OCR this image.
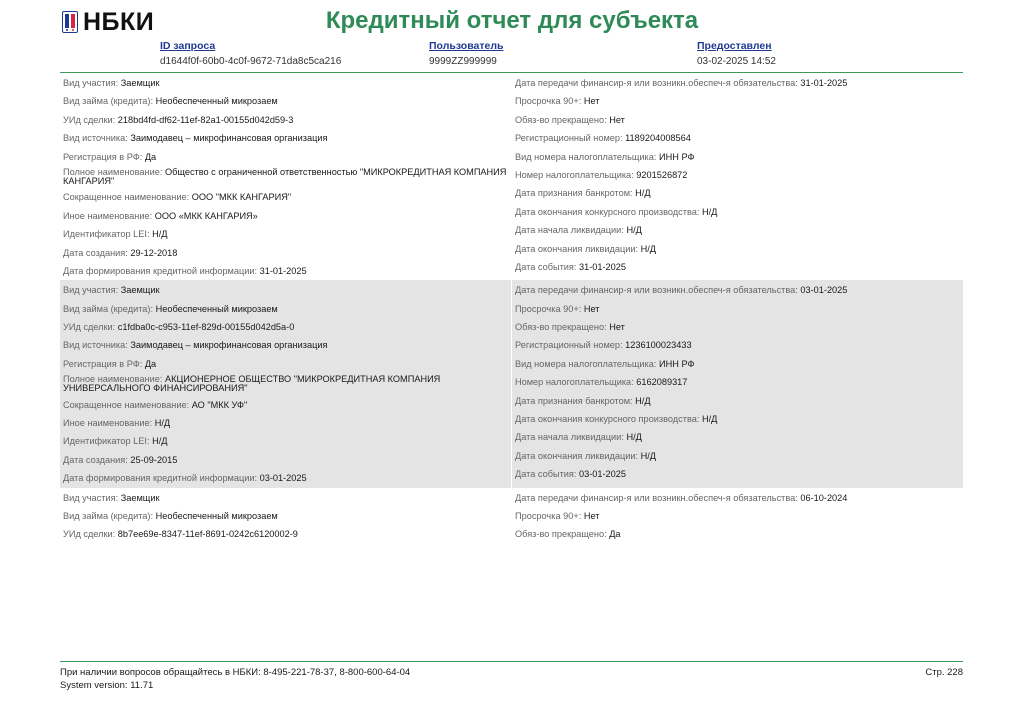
НБКИ	Кредитный отчет для субъекта
ID запроса
d1644f0f-60b0-4c0f-9672-71da8c5ca216
Пользователь
9999ZZ999999
Предоставлен
03-02-2025 14:52
Вид участия: Заемщик
Вид займа (кредита): Необеспеченный микрозаем
УИд сделки: 218bd4fd-df62-11ef-82a1-00155d042d59-3
Вид источника: Заимодавец – микрофинансовая организация
Регистрация в РФ: Да
Полное наименование: Общество с ограниченной ответственностью "МИКРОКРЕДИТНАЯ КОМПАНИЯ КАНГАРИЯ"
Сокращенное наименование: ООО "МКК КАНГАРИЯ"
Иное наименование: ООО «МКК КАНГАРИЯ»
Идентификатор LEI: Н/Д
Дата создания: 29-12-2018
Дата формирования кредитной информации: 31-01-2025
Дата передачи финансир-я или возникн.обеспеч-я обязательства: 31-01-2025
Просрочка 90+: Нет
Обяз-во прекращено: Нет
Регистрационный номер: 1189204008564
Вид номера налогоплательщика: ИНН РФ
Номер налогоплательщика: 9201526872
Дата признания банкротом: Н/Д
Дата окончания конкурсного производства: Н/Д
Дата начала ликвидации: Н/Д
Дата окончания ликвидации: Н/Д
Дата события: 31-01-2025
Вид участия: Заемщик
Вид займа (кредита): Необеспеченный микрозаем
УИд сделки: c1fdba0c-c953-11ef-829d-00155d042d5a-0
Вид источника: Заимодавец – микрофинансовая организация
Регистрация в РФ: Да
Полное наименование: АКЦИОНЕРНОЕ ОБЩЕСТВО "МИКРОКРЕДИТНАЯ КОМПАНИЯ УНИВЕРСАЛЬНОГО ФИНАНСИРОВАНИЯ"
Сокращенное наименование: АО "МКК УФ"
Иное наименование: Н/Д
Идентификатор LEI: Н/Д
Дата создания: 25-09-2015
Дата формирования кредитной информации: 03-01-2025
Дата передачи финансир-я или возникн.обеспеч-я обязательства: 03-01-2025
Просрочка 90+: Нет
Обяз-во прекращено: Нет
Регистрационный номер: 1236100023433
Вид номера налогоплательщика: ИНН РФ
Номер налогоплательщика: 6162089317
Дата признания банкротом: Н/Д
Дата окончания конкурсного производства: Н/Д
Дата начала ликвидации: Н/Д
Дата окончания ликвидации: Н/Д
Дата события: 03-01-2025
Вид участия: Заемщик
Вид займа (кредита): Необеспеченный микрозаем
УИд сделки: 8b7ee69e-8347-11ef-8691-0242c6120002-9
Дата передачи финансир-я или возникн.обеспеч-я обязательства: 06-10-2024
Просрочка 90+: Нет
Обяз-во прекращено: Да
При наличии вопросов обращайтесь в НБКИ: 8-495-221-78-37, 8-800-600-64-04
System version: 11.71
Стр. 228
